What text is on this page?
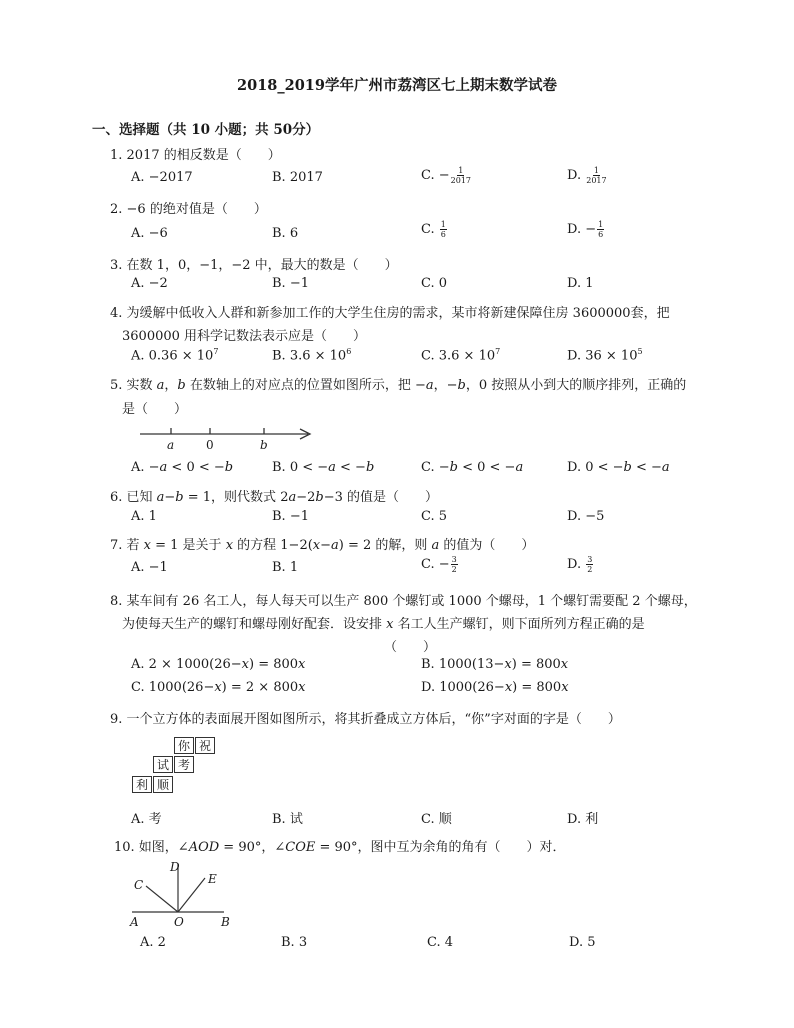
2018_2019学年广州市荔湾区七上期末数学试卷
一、选择题（共 10 小题；共 50分）
1. 2017 的相反数是（　　）
A. −2017	B. 2017	C. − $\frac{1}{2017}$	D. $\frac{1}{2017}$
2. −6 的绝对值是（　　）
A. −6	B. 6	C. $\frac{1}{6}$	D. − $\frac{1}{6}$
3. 在数 1，0，−1，−2 中，最大的数是（　　）
A. −2	B. −1	C. 0	D. 1
4. 为缓解中低收入人群和新参加工作的大学生住房的需求，某市将新建保障住房 3600000套，把
3600000 用科学记数法表示应是（　　）
A. $0.36 \times 10^7$	B. $3.6 \times 10^6$	C. $3.6 \times 10^7$	D. $36 \times 10^5$
5. 实数 𝑎，𝑏 在数轴上的对应点的位置如图所示，把 −𝑎，−𝑏，0 按照从小到大的顺序排列，正确的
是（　　）
a	0	b
A. −𝑎 < 0 < −𝑏	B. 0 < −𝑎 < −𝑏	C. −𝑏 < 0 < −𝑎	D. 0 < −𝑏 < −𝑎
6. 已知 𝑎−𝑏 = 1，则代数式 2𝑎−2𝑏−3 的值是（　　）
A. 1	B. −1	C. 5	D. −5
7. 若 𝑥 = 1 是关于 𝑥 的方程 1−2(𝑥−𝑎) = 2 的解，则 𝑎 的值为（　　）
A. −1	B. 1	C. − $\frac{3}{2}$	D. $\frac{3}{2}$
8. 某车间有 26 名工人，每人每天可以生产 800 个螺钉或 1000 个螺母，1 个螺钉需要配 2 个螺母，
为使每天生产的螺钉和螺母刚好配套．设安排 𝑥 名工人生产螺钉，则下面所列方程正确的是
（　　）
A. 2 × 1000(26−𝑥) = 800𝑥	B. 1000(13−𝑥) = 800𝑥
C. 1000(26−𝑥) = 2 × 800𝑥	D. 1000(26−𝑥) = 800𝑥
9. 一个立方体的表面展开图如图所示，将其折叠成立方体后，“你”字对面的字是（　　）
你 祝
试 考
利 顺
A. 考	B. 试	C. 顺	D. 利
10. 如图，∠𝐴𝑂𝐷 = 90°，∠𝐶𝑂𝐸 = 90°，图中互为余角的角有（　　）对．
D
C	E
A	O	B
A. 2	B. 3	C. 4	D. 5
